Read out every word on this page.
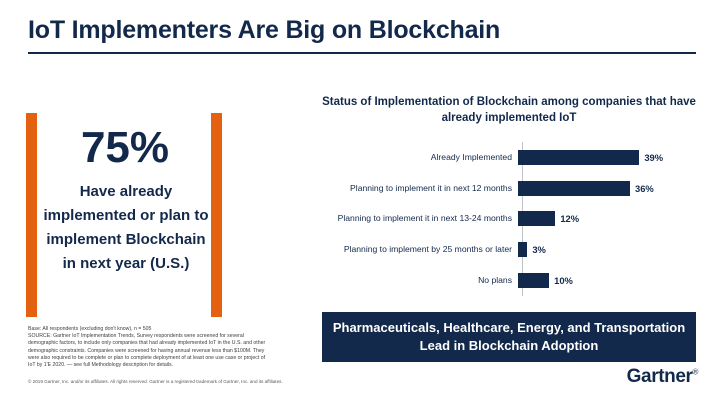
IoT Implementers Are Big on Blockchain
75%
Have already implemented or plan to implement Blockchain in next year (U.S.)
Status of Implementation of Blockchain among companies that have already implemented IoT
Already Implemented	39%
Planning to implement it in next 12 months	36%
Planning to implement it in next 13-24 months	12%
Planning to implement by 25 months or later	3%
No plans	10%
Pharmaceuticals, Healthcare, Energy, and Transportation Lead in Blockchain Adoption
Base: All respondents (excluding don't know), n = 505
SOURCE: Gartner IoT Implementation Trends, Survey respondents were screened for several
demographic factors, to include only companies that had already implemented IoT in the U.S. and other
demographic constraints. Companies were screened for having annual revenue less than $100M. They
were also required to be complete or plan to complete deployment of at least one use case or project of
IoT by 1'E 2020. — see full Methodology description for details.
© 2019 Gartner, Inc. and/or its affiliates. All rights reserved. Gartner is a registered trademark of Gartner, Inc. and its affiliates.	Gartner®
